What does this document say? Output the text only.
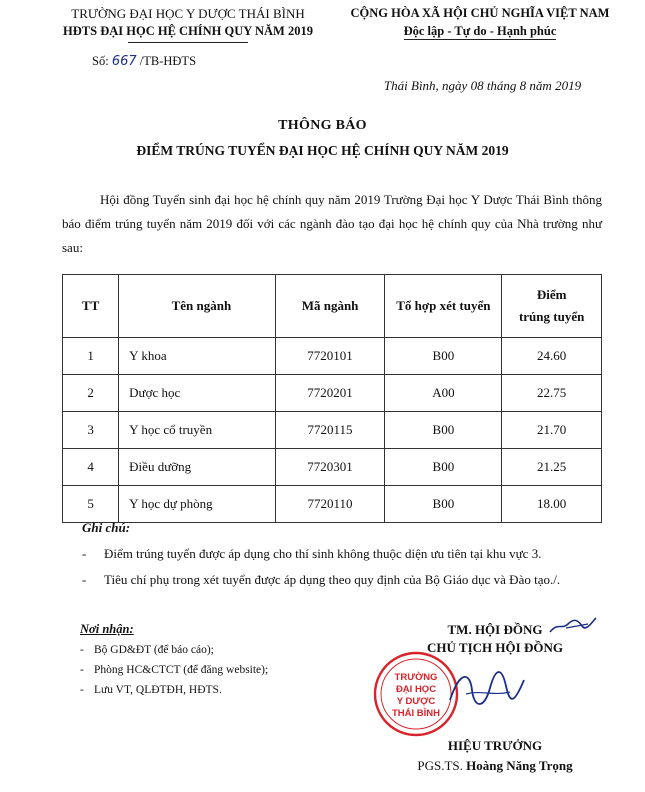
TRƯỜNG ĐẠI HỌC Y DƯỢC THÁI BÌNH
HĐTS ĐẠI HỌC HỆ CHÍNH QUY NĂM 2019
Số: 667 /TB-HĐTS
CỘNG HÒA XÃ HỘI CHỦ NGHĨA VIỆT NAM
Độc lập - Tự do - Hạnh phúc
Thái Bình, ngày 08 tháng 8 năm 2019
THÔNG BÁO
ĐIỂM TRÚNG TUYỂN ĐẠI HỌC HỆ CHÍNH QUY NĂM 2019
Hội đồng Tuyển sinh đại học hệ chính quy năm 2019 Trường Đại học Y Dược Thái Bình thông báo điểm trúng tuyển năm 2019 đối với các ngành đào tạo đại học hệ chính quy của Nhà trường như sau:
TT	Tên ngành	Mã ngành	Tổ hợp xét tuyển	Điểm
trúng tuyển

1	Y khoa	7720101	B00	24.60
2	Dược học	7720201	A00	22.75
3	Y học cổ truyền	7720115	B00	21.70
4	Điều dưỡng	7720301	B00	21.25
5	Y học dự phòng	7720110	B00	18.00
Ghi chú:
- Điểm trúng tuyển được áp dụng cho thí sinh không thuộc diện ưu tiên tại khu vực 3.
- Tiêu chí phụ trong xét tuyển được áp dụng theo quy định của Bộ Giáo dục và Đào tạo./.
Nơi nhận:
- Bộ GD&ĐT (để báo cáo);
- Phòng HC&CTCT (để đăng website);
- Lưu VT, QLĐTĐH, HĐTS.
TM. HỘI ĐỒNG
CHỦ TỊCH HỘI ĐỒNG
TRƯỜNG
ĐẠI HỌC
Y DƯỢC
THÁI BÌNH
HIỆU TRƯỞNG
PGS.TS. Hoàng Năng Trọng
